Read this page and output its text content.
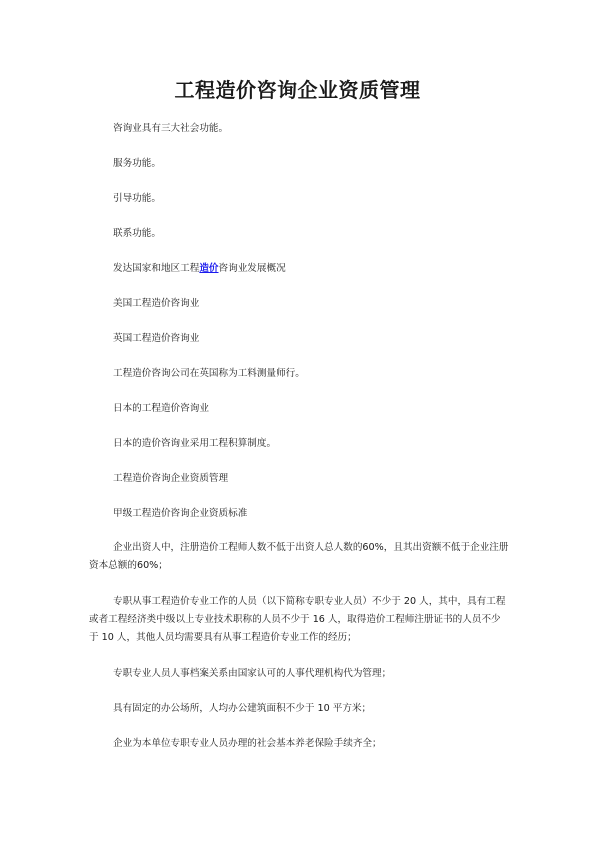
工程造价咨询企业资质管理

咨询业具有三大社会功能。

服务功能。

引导功能。

联系功能。

发达国家和地区工程造价咨询业发展概况

美国工程造价咨询业

英国工程造价咨询业

工程造价咨询公司在英国称为工料测量师行。

日本的工程造价咨询业

日本的造价咨询业采用工程积算制度。

工程造价咨询企业资质管理

甲级工程造价咨询企业资质标准

企业出资人中，注册造价工程师人数不低于出资人总人数的60%，且其出资额不低于企业注册资本总额的60%；

专职从事工程造价专业工作的人员（以下简称专职专业人员）不少于 20 人，其中，具有工程或者工程经济类中级以上专业技术职称的人员不少于 16 人，取得造价工程师注册证书的人员不少于 10 人，其他人员均需要具有从事工程造价专业工作的经历；

专职专业人员人事档案关系由国家认可的人事代理机构代为管理；

具有固定的办公场所，人均办公建筑面积不少于 10 平方米；

企业为本单位专职专业人员办理的社会基本养老保险手续齐全；
